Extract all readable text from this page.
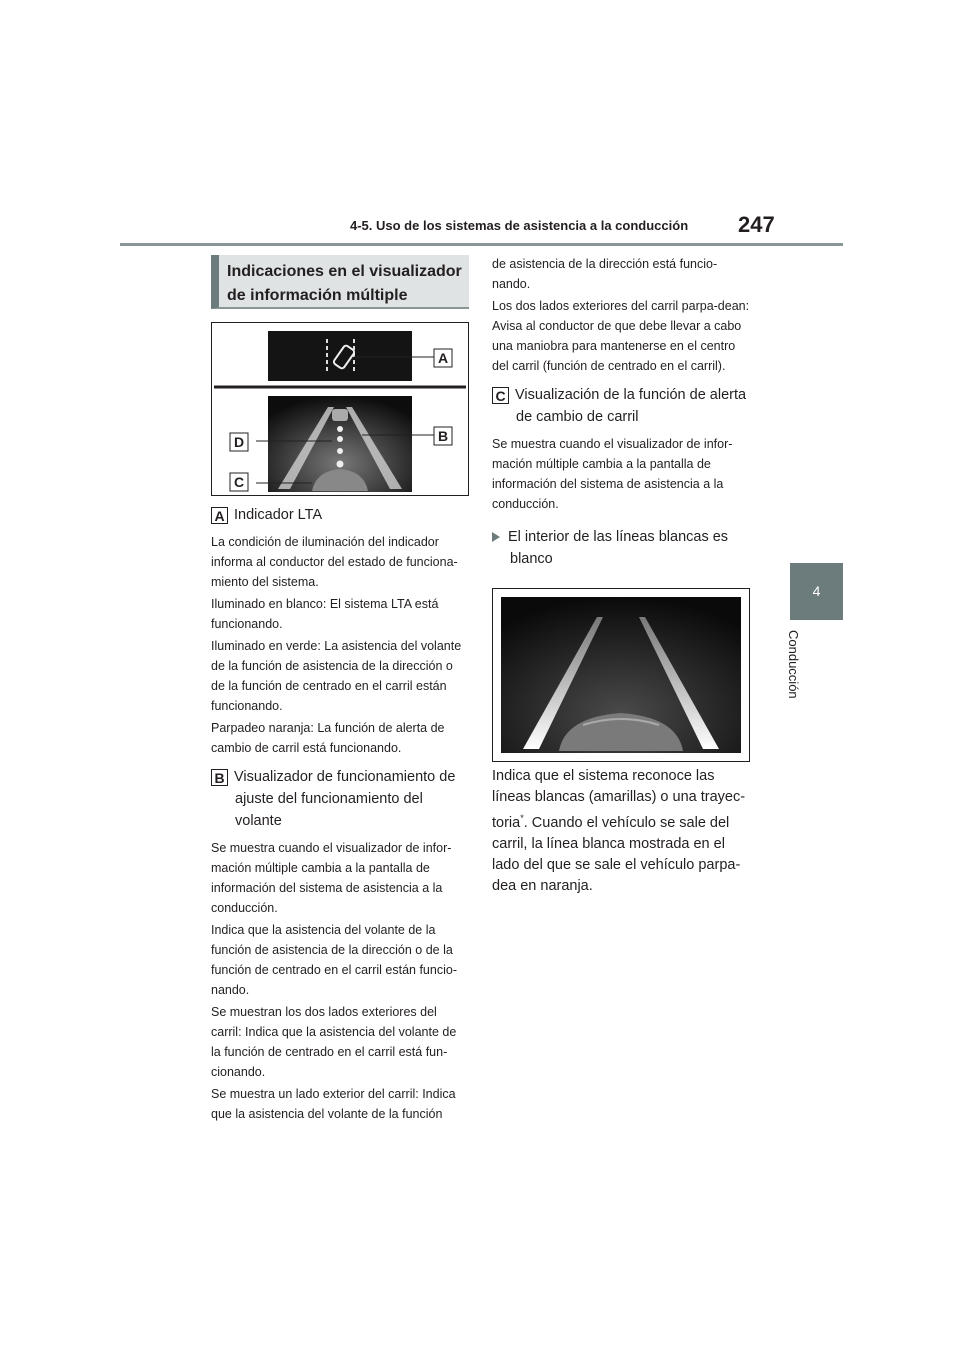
4-5. Uso de los sistemas de asistencia a la conducción 247
4
Conducción
Indicaciones en el visualizador de información múltiple
A
B
C
D

A Indicador LTA

La condición de iluminación del indicador informa al conductor del estado de funciona-miento del sistema.

Iluminado en blanco: El sistema LTA está funcionando.

Iluminado en verde: La asistencia del volante de la función de asistencia de la dirección o de la función de centrado en el carril están funcionando.

Parpadeo naranja: La función de alerta de cambio de carril está funcionando.

B Visualizador de funcionamiento de ajuste del funcionamiento del volante

Se muestra cuando el visualizador de infor-mación múltiple cambia a la pantalla de información del sistema de asistencia a la conducción.

Indica que la asistencia del volante de la función de asistencia de la dirección o de la función de centrado en el carril están funcio-nando.

Se muestran los dos lados exteriores del carril: Indica que la asistencia del volante de la función de centrado en el carril está fun-cionando.

Se muestra un lado exterior del carril: Indica que la asistencia del volante de la función

de asistencia de la dirección está funcio-nando.

Los dos lados exteriores del carril parpa-dean: Avisa al conductor de que debe llevar a cabo una maniobra para mantenerse en el centro del carril (función de centrado en el carril).

C Visualización de la función de alerta de cambio de carril

Se muestra cuando el visualizador de infor-mación múltiple cambia a la pantalla de información del sistema de asistencia a la conducción.

El interior de las líneas blancas es blanco

Indica que el sistema reconoce las líneas blancas (amarillas) o una trayec-toria*. Cuando el vehículo se sale del carril, la línea blanca mostrada en el lado del que se sale el vehículo parpa-dea en naranja.
